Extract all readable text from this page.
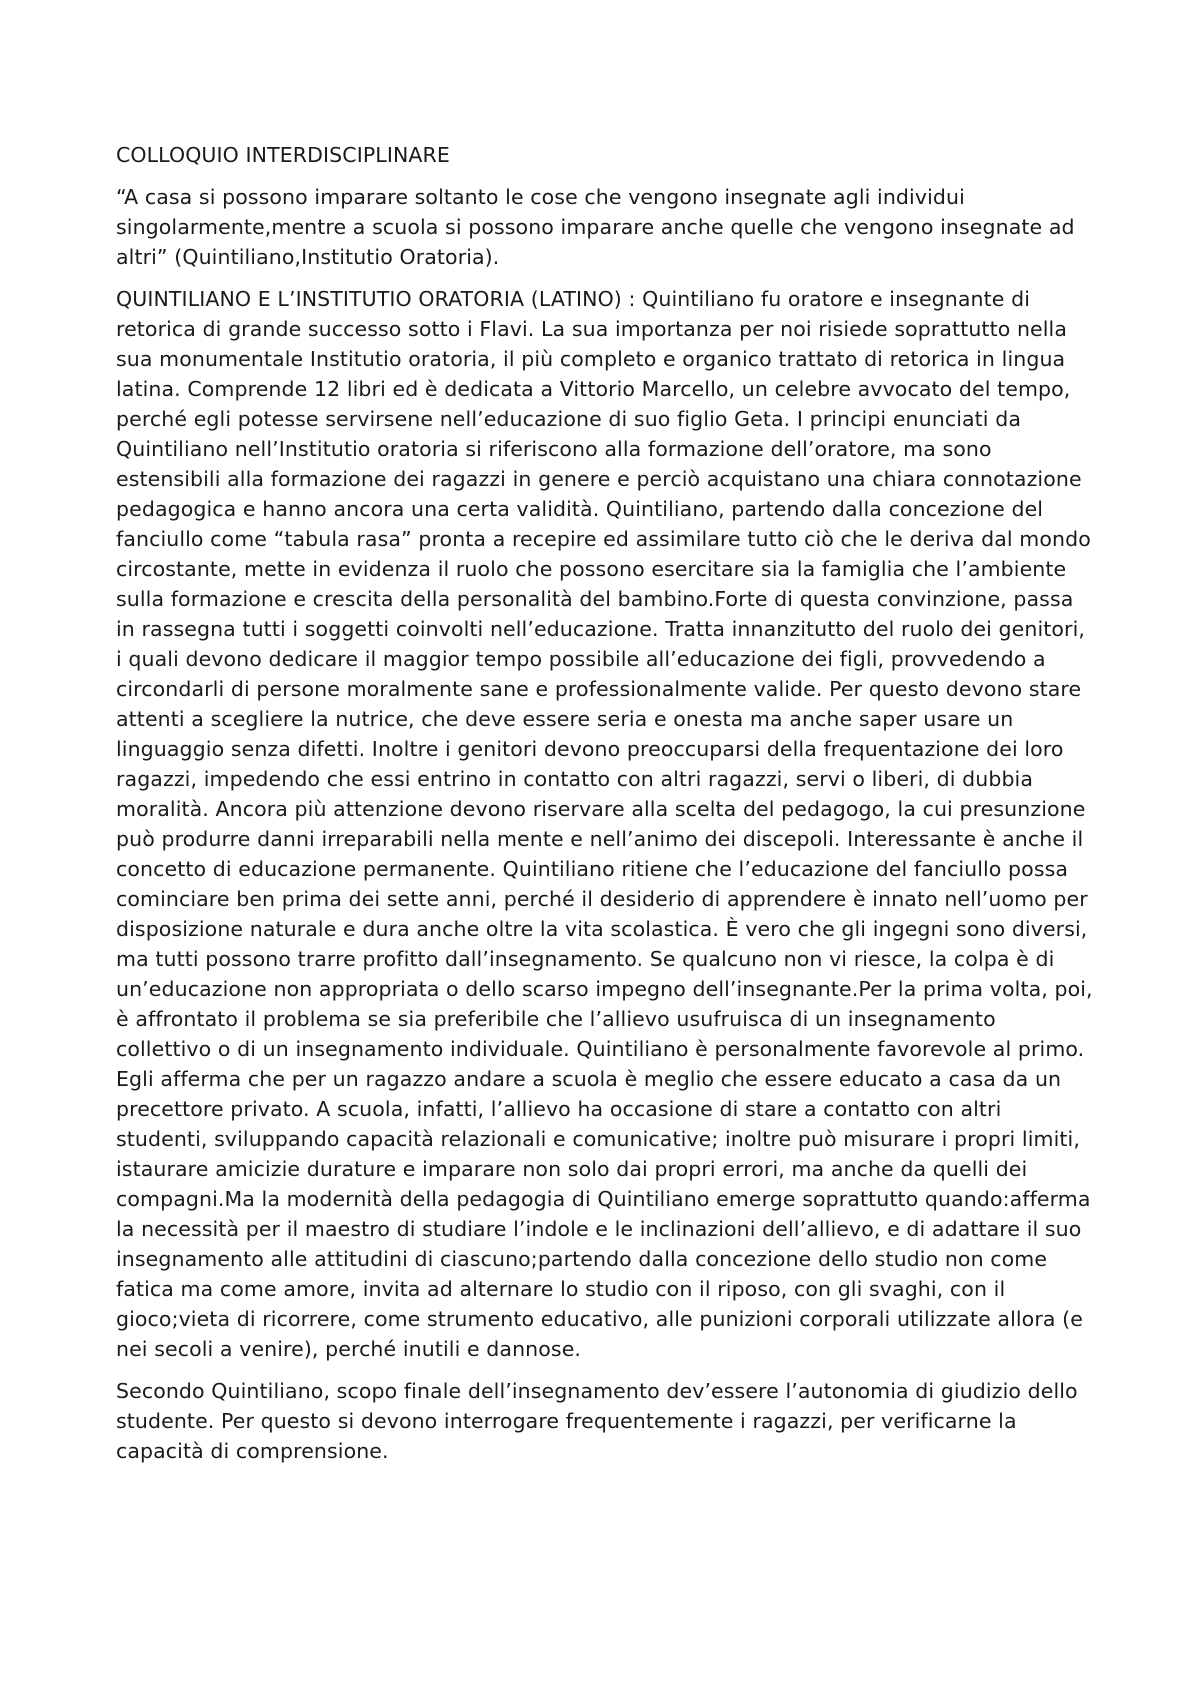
COLLOQUIO INTERDISCIPLINARE

“A casa si possono imparare soltanto le cose che vengono insegnate agli individui singolarmente,mentre a scuola si possono imparare anche quelle che vengono insegnate ad altri” (Quintiliano,Institutio Oratoria).

QUINTILIANO E L’INSTITUTIO ORATORIA (LATINO) : Quintiliano fu oratore e insegnante di retorica di grande successo sotto i Flavi. La sua importanza per noi risiede soprattutto nella sua monumentale Institutio oratoria, il più completo e organico trattato di retorica in lingua latina. Comprende 12 libri ed è dedicata a Vittorio Marcello, un celebre avvocato del tempo, perché egli potesse servirsene nell’educazione di suo figlio Geta. I principi enunciati da Quintiliano nell’Institutio oratoria si riferiscono alla formazione dell’oratore, ma sono estensibili alla formazione dei ragazzi in genere e perciò acquistano una chiara connotazione pedagogica e hanno ancora una certa validità. Quintiliano, partendo dalla concezione del fanciullo come “tabula rasa” pronta a recepire ed assimilare tutto ciò che le deriva dal mondo circostante, mette in evidenza il ruolo che possono esercitare sia la famiglia che l’ambiente sulla formazione e crescita della personalità del bambino.Forte di questa convinzione, passa in rassegna tutti i soggetti coinvolti nell’educazione. Tratta innanzitutto del ruolo dei genitori, i quali devono dedicare il maggior tempo possibile all’educazione dei figli, provvedendo a circondarli di persone moralmente sane e professionalmente valide. Per questo devono stare attenti a scegliere la nutrice, che deve essere seria e onesta ma anche saper usare un linguaggio senza difetti. Inoltre i genitori devono preoccuparsi della frequentazione dei loro ragazzi, impedendo che essi entrino in contatto con altri ragazzi, servi o liberi, di dubbia moralità. Ancora più attenzione devono riservare alla scelta del pedagogo, la cui presunzione può produrre danni irreparabili nella mente e nell’animo dei discepoli. Interessante è anche il concetto di educazione permanente. Quintiliano ritiene che l’educazione del fanciullo possa cominciare ben prima dei sette anni, perché il desiderio di apprendere è innato nell’uomo per disposizione naturale e dura anche oltre la vita scolastica. È vero che gli ingegni sono diversi, ma tutti possono trarre profitto dall’insegnamento. Se qualcuno non vi riesce, la colpa è di un’educazione non appropriata o dello scarso impegno dell’insegnante.Per la prima volta, poi, è affrontato il problema se sia preferibile che l’allievo usufruisca di un insegnamento collettivo o di un insegnamento individuale. Quintiliano è personalmente favorevole al primo. Egli afferma che per un ragazzo andare a scuola è meglio che essere educato a casa da un precettore privato. A scuola, infatti, l’allievo ha occasione di stare a contatto con altri studenti, sviluppando capacità relazionali e comunicative; inoltre può misurare i propri limiti, istaurare amicizie durature e imparare non solo dai propri errori, ma anche da quelli dei compagni.Ma la modernità della pedagogia di Quintiliano emerge soprattutto quando:afferma la necessità per il maestro di studiare l’indole e le inclinazioni dell’allievo, e di adattare il suo insegnamento alle attitudini di ciascuno;partendo dalla concezione dello studio non come fatica ma come amore, invita ad alternare lo studio con il riposo, con gli svaghi, con il gioco;vieta di ricorrere, come strumento educativo, alle punizioni corporali utilizzate allora (e nei secoli a venire), perché inutili e dannose.

Secondo Quintiliano, scopo finale dell’insegnamento dev’essere l’autonomia di giudizio dello studente. Per questo si devono interrogare frequentemente i ragazzi, per verificarne la capacità di comprensione.
